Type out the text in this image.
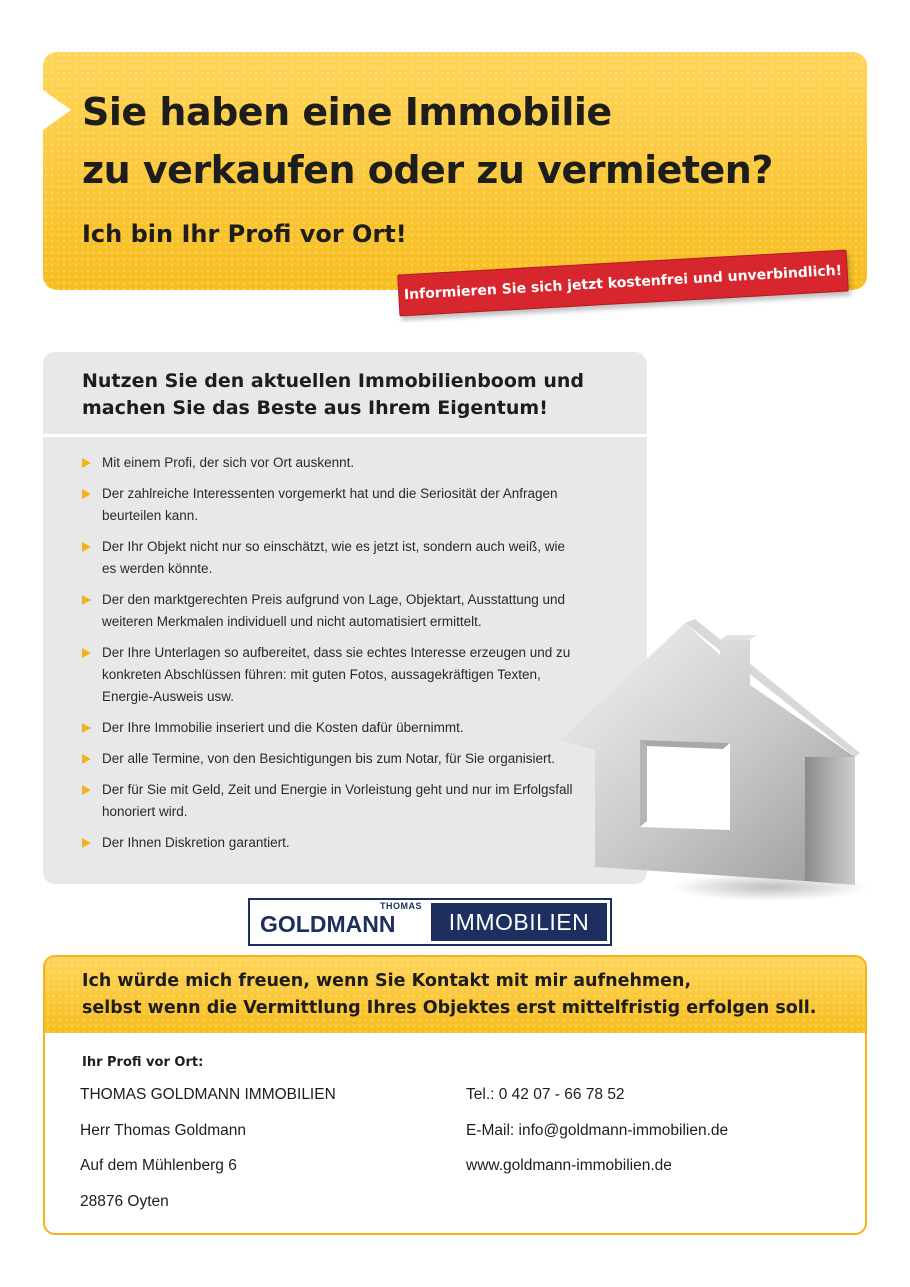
Sie haben eine Immobilie
zu verkaufen oder zu vermieten?
Ich bin Ihr Profi vor Ort!
Informieren Sie sich jetzt kostenfrei und unverbindlich!
Nutzen Sie den aktuellen Immobilienboom und
machen Sie das Beste aus Ihrem Eigentum!
Mit einem Profi, der sich vor Ort auskennt.
Der zahlreiche Interessenten vorgemerkt hat und die Seriosität der Anfragen beurteilen kann.
Der Ihr Objekt nicht nur so einschätzt, wie es jetzt ist, sondern auch weiß, wie es werden könnte.
Der den marktgerechten Preis aufgrund von Lage, Objektart, Ausstattung und weiteren Merkmalen individuell und nicht automatisiert ermittelt.
Der Ihre Unterlagen so aufbereitet, dass sie echtes Interesse erzeugen und zu konkreten Abschlüssen führen: mit guten Fotos, aussagekräftigen Texten, Energie-Ausweis usw.
Der Ihre Immobilie inseriert und die Kosten dafür übernimmt.
Der alle Termine, von den Besichtigungen bis zum Notar, für Sie organisiert.
Der für Sie mit Geld, Zeit und Energie in Vorleistung geht und nur im Erfolgsfall honoriert wird.
Der Ihnen Diskretion garantiert.
THOMAS
GOLDMANN	IMMOBILIEN

Ich würde mich freuen, wenn Sie Kontakt mit mir aufnehmen,
selbst wenn die Vermittlung Ihres Objektes erst mittelfristig erfolgen soll.

Ihr Profi vor Ort:
THOMAS GOLDMANN IMMOBILIEN
Herr Thomas Goldmann
Auf dem Mühlenberg 6
28876 Oyten
Tel.: 0 42 07 - 66 78 52
E-Mail: info@goldmann-immobilien.de
www.goldmann-immobilien.de
